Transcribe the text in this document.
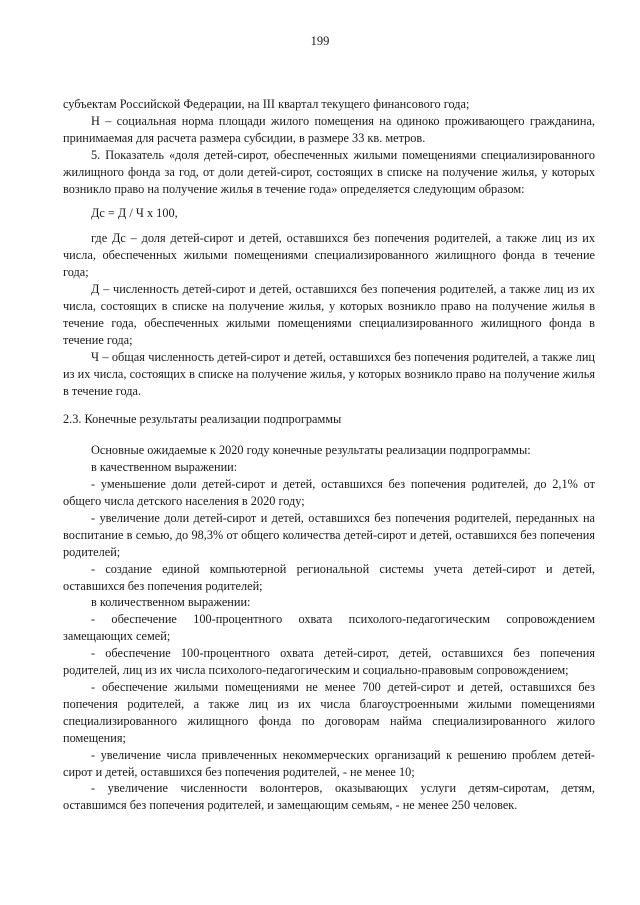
199

субъектам Российской Федерации, на III квартал текущего финансового года;

Н – социальная норма площади жилого помещения на одиноко проживающего гражданина, принимаемая для расчета размера субсидии, в размере 33 кв. метров.

5. Показатель «доля детей-сирот, обеспеченных жилыми помещениями специализированного жилищного фонда за год, от доли детей-сирот, состоящих в списке на получение жилья, у которых возникло право на получение жилья в течение года» определяется следующим образом:

Дс = Д / Ч х 100,

где Дс – доля детей-сирот и детей, оставшихся без попечения родителей, а также лиц из их числа, обеспеченных жилыми помещениями специализированного жилищного фонда в течение года;

Д – численность детей-сирот и детей, оставшихся без попечения родителей, а также лиц из их числа, состоящих в списке на получение жилья, у которых возникло право на получение жилья в течение года, обеспеченных жилыми помещениями специализированного жилищного фонда в течение года;

Ч – общая численность детей-сирот и детей, оставшихся без попечения родителей, а также лиц из их числа, состоящих в списке на получение жилья, у которых возникло право на получение жилья в течение года.

2.3. Конечные результаты реализации подпрограммы

Основные ожидаемые к 2020 году конечные результаты реализации подпрограммы:

в качественном выражении:

- уменьшение доли детей-сирот и детей, оставшихся без попечения родителей, до 2,1% от общего числа детского населения в 2020 году;

- увеличение доли детей-сирот и детей, оставшихся без попечения родителей, переданных на воспитание в семью, до 98,3% от общего количества детей-сирот и детей, оставшихся без попечения родителей;

- создание единой компьютерной региональной системы учета детей-сирот и детей, оставшихся без попечения родителей;

в количественном выражении:

- обеспечение 100-процентного охвата психолого-педагогическим сопровождением замещающих семей;

- обеспечение 100-процентного охвата детей-сирот, детей, оставшихся без попечения родителей, лиц из их числа психолого-педагогическим и социально-правовым сопровождением;

- обеспечение жилыми помещениями не менее 700 детей-сирот и детей, оставшихся без попечения родителей, а также лиц из их числа благоустроенными жилыми помещениями специализированного жилищного фонда по договорам найма специализированного жилого помещения;

- увеличение числа привлеченных некоммерческих организаций к решению проблем детей-сирот и детей, оставшихся без попечения родителей, - не менее 10;

- увеличение численности волонтеров, оказывающих услуги детям-сиротам, детям, оставшимся без попечения родителей, и замещающим семьям, - не менее 250 человек.
